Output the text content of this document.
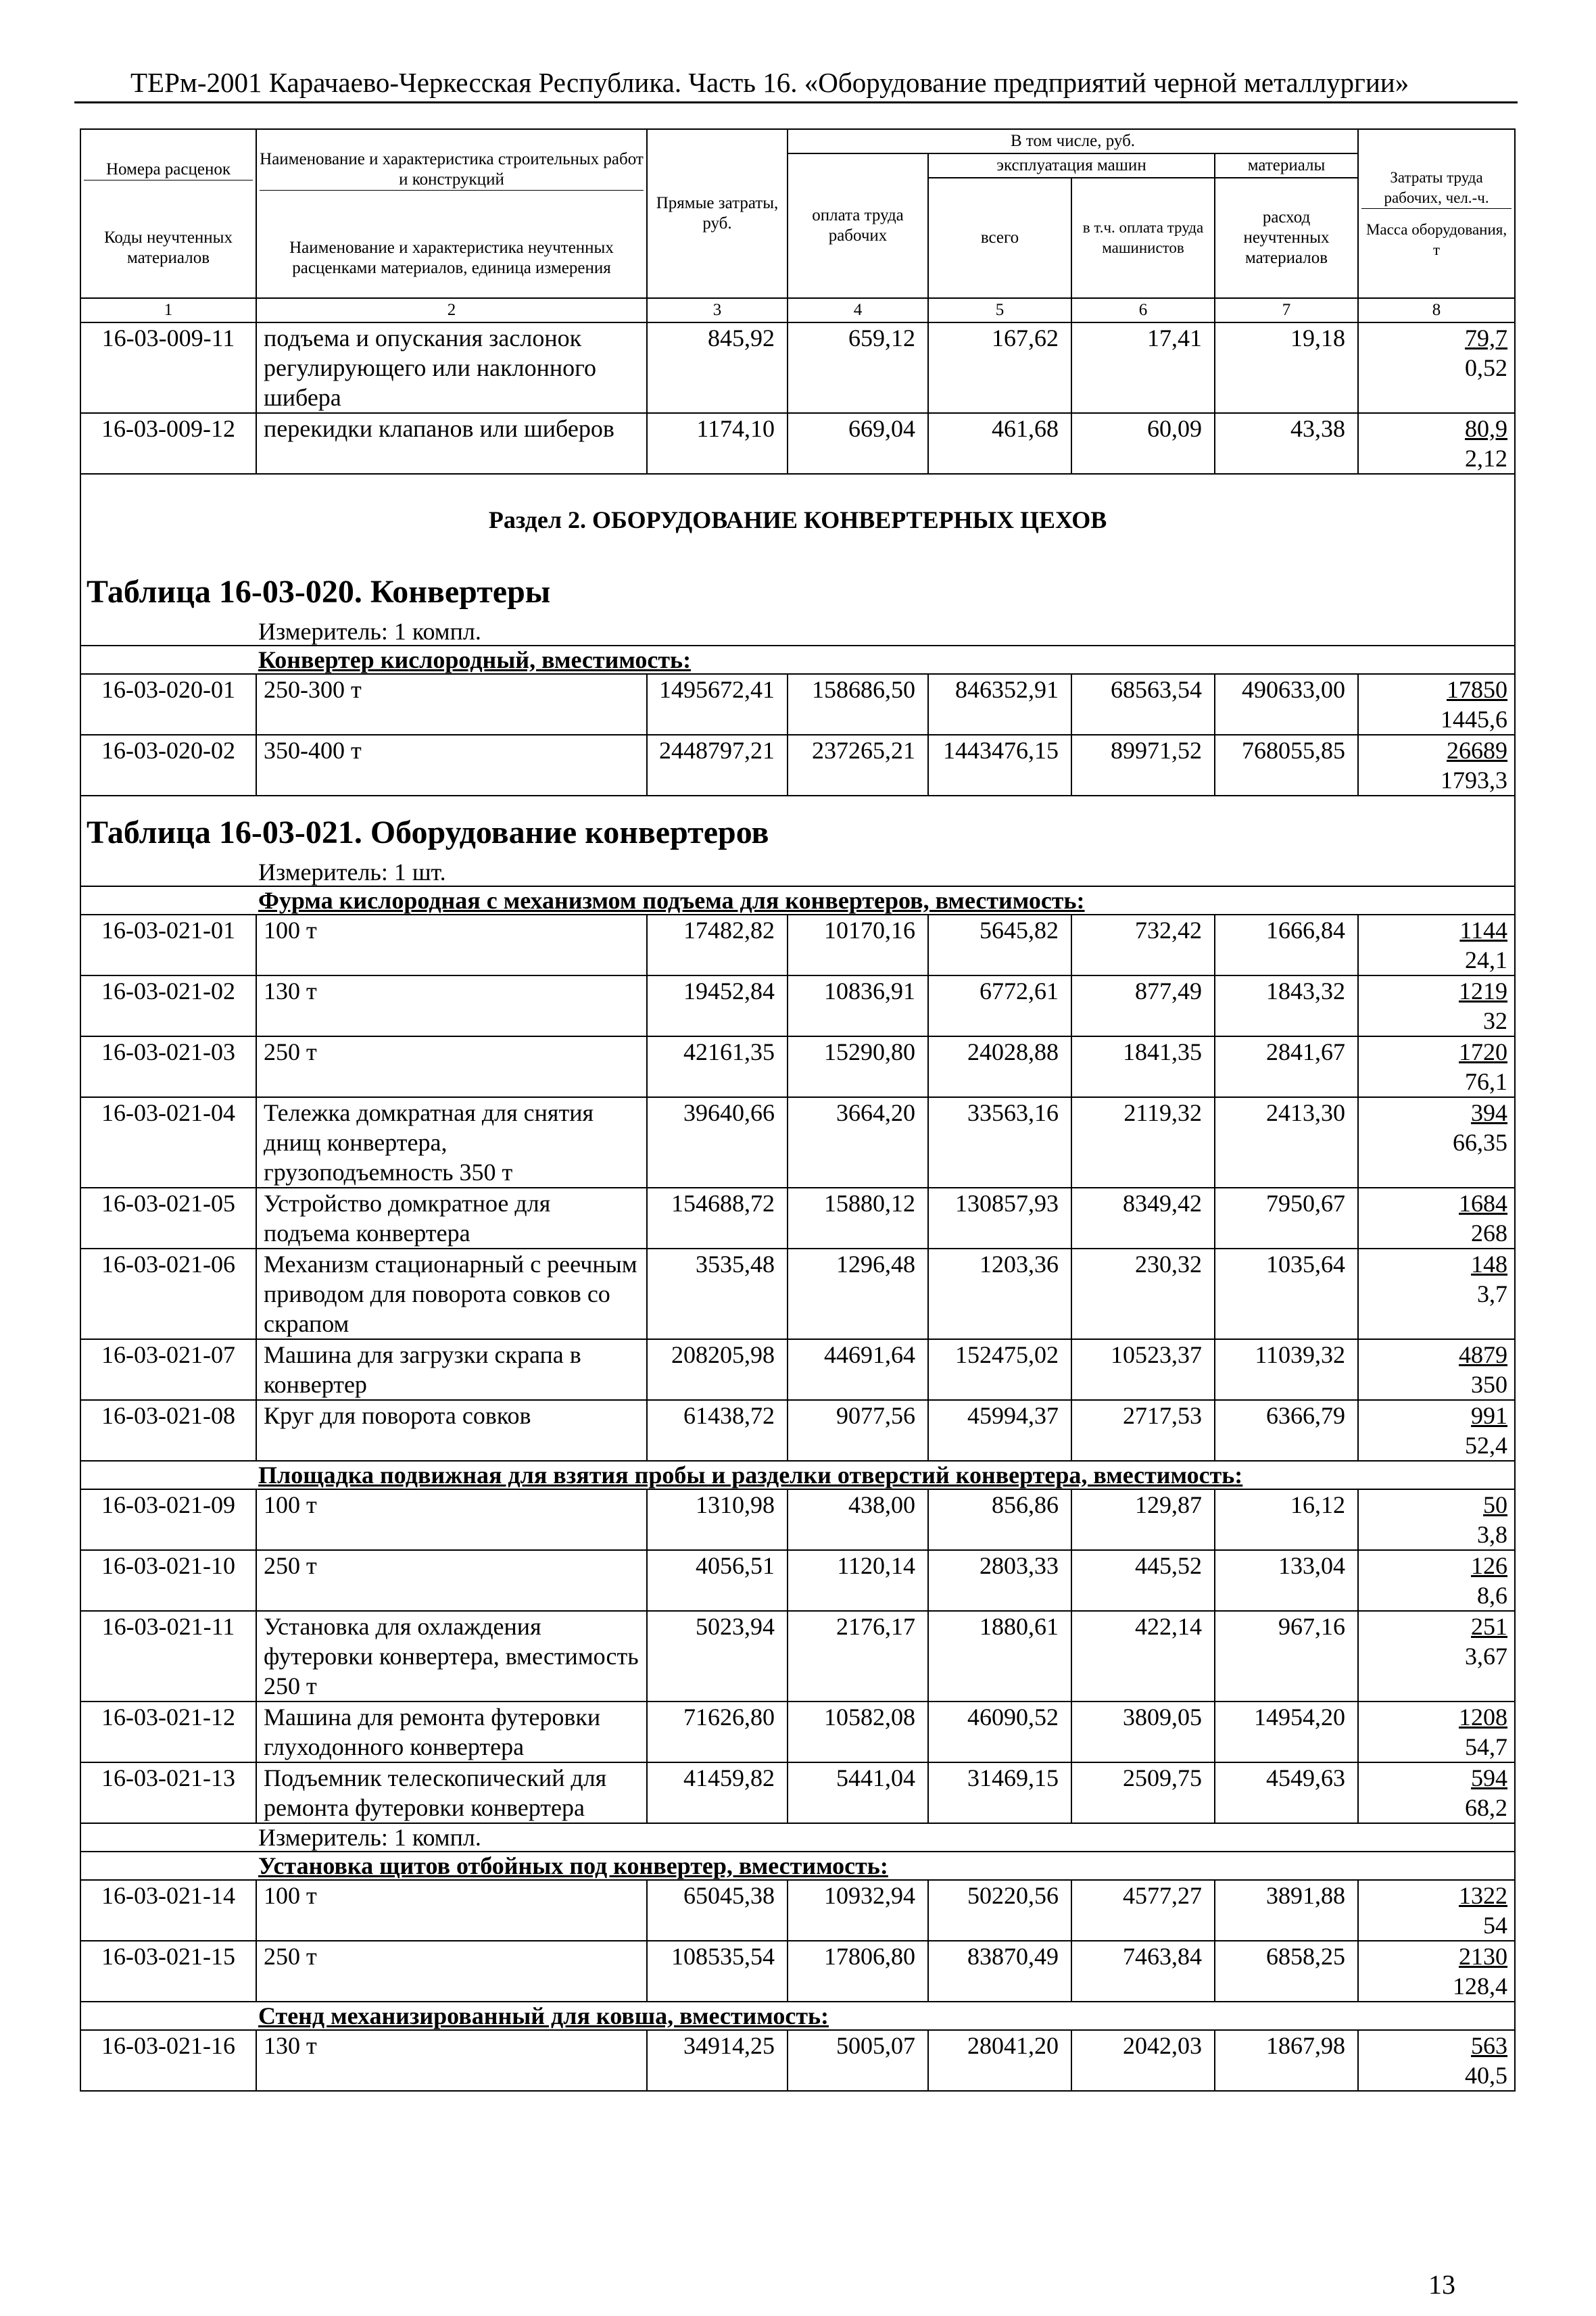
ТЕРм-2001 Карачаево-Черкесская Республика. Часть 16. «Оборудование предприятий черной металлургии»
Номера расценок
Коды неучтенных материалов	Наименование и характеристика строительных работ и конструкций
Наименование и характеристика неучтенных расценками материалов, единица измерения	Прямые затраты, руб.	В том числе, руб.				Затраты труда рабочих, чел.-ч.
Масса оборудования, т
			оплата труда рабочих	эксплуатация машин		материалы	
				всего	в т.ч. оплата труда машинистов	расход неучтенных материалов	
1	2	3	4	5	6	7	8
16-03-009-11	подъема и опускания заслонок регулирующего или наклонного шибера	845,92	659,12	167,62	17,41	19,18	79,7
0,52

16-03-009-12	перекидки клапанов или шиберов	1174,10	669,04	461,68	60,09	43,38	80,9
2,12

Раздел 2. ОБОРУДОВАНИЕ КОНВЕРТЕРНЫХ ЦЕХОВ							
Таблица 16-03-020. Конвертеры							
Измеритель: 1 компл.							
Конвертер кислородный, вместимость:							
16-03-020-01	250-300 т	1495672,41	158686,50	846352,91	68563,54	490633,00	17850
1445,6

16-03-020-02	350-400 т	2448797,21	237265,21	1443476,15	89971,52	768055,85	26689
1793,3

Таблица 16-03-021. Оборудование конвертеров							
Измеритель: 1 шт.							
Фурма кислородная с механизмом подъема для конвертеров, вместимость:							
16-03-021-01	100 т	17482,82	10170,16	5645,82	732,42	1666,84	1144
24,1

16-03-021-02	130 т	19452,84	10836,91	6772,61	877,49	1843,32	1219
32

16-03-021-03	250 т	42161,35	15290,80	24028,88	1841,35	2841,67	1720
76,1

16-03-021-04	Тележка домкратная для снятия днищ конвертера, грузоподъемность 350 т	39640,66	3664,20	33563,16	2119,32	2413,30	394
66,35

16-03-021-05	Устройство домкратное для подъема конвертера	154688,72	15880,12	130857,93	8349,42	7950,67	1684
268

16-03-021-06	Механизм стационарный с реечным приводом для поворота совков со скрапом	3535,48	1296,48	1203,36	230,32	1035,64	148
3,7

16-03-021-07	Машина для загрузки скрапа в конвертер	208205,98	44691,64	152475,02	10523,37	11039,32	4879
350

16-03-021-08	Круг для поворота совков	61438,72	9077,56	45994,37	2717,53	6366,79	991
52,4

Площадка подвижная для взятия пробы и разделки отверстий конвертера, вместимость:							
16-03-021-09	100 т	1310,98	438,00	856,86	129,87	16,12	50
3,8

16-03-021-10	250 т	4056,51	1120,14	2803,33	445,52	133,04	126
8,6

16-03-021-11	Установка для охлаждения футеровки конвертера, вместимость 250 т	5023,94	2176,17	1880,61	422,14	967,16	251
3,67

16-03-021-12	Машина для ремонта футеровки глуходонного конвертера	71626,80	10582,08	46090,52	3809,05	14954,20	1208
54,7

16-03-021-13	Подъемник телескопический для ремонта футеровки конвертера	41459,82	5441,04	31469,15	2509,75	4549,63	594
68,2

Измеритель: 1 компл.							
Установка щитов отбойных под конвертер, вместимость:							
16-03-021-14	100 т	65045,38	10932,94	50220,56	4577,27	3891,88	1322
54

16-03-021-15	250 т	108535,54	17806,80	83870,49	7463,84	6858,25	2130
128,4

Стенд механизированный для ковша, вместимость:							
16-03-021-16	130 т	34914,25	5005,07	28041,20	2042,03	1867,98	563
40,5
13
